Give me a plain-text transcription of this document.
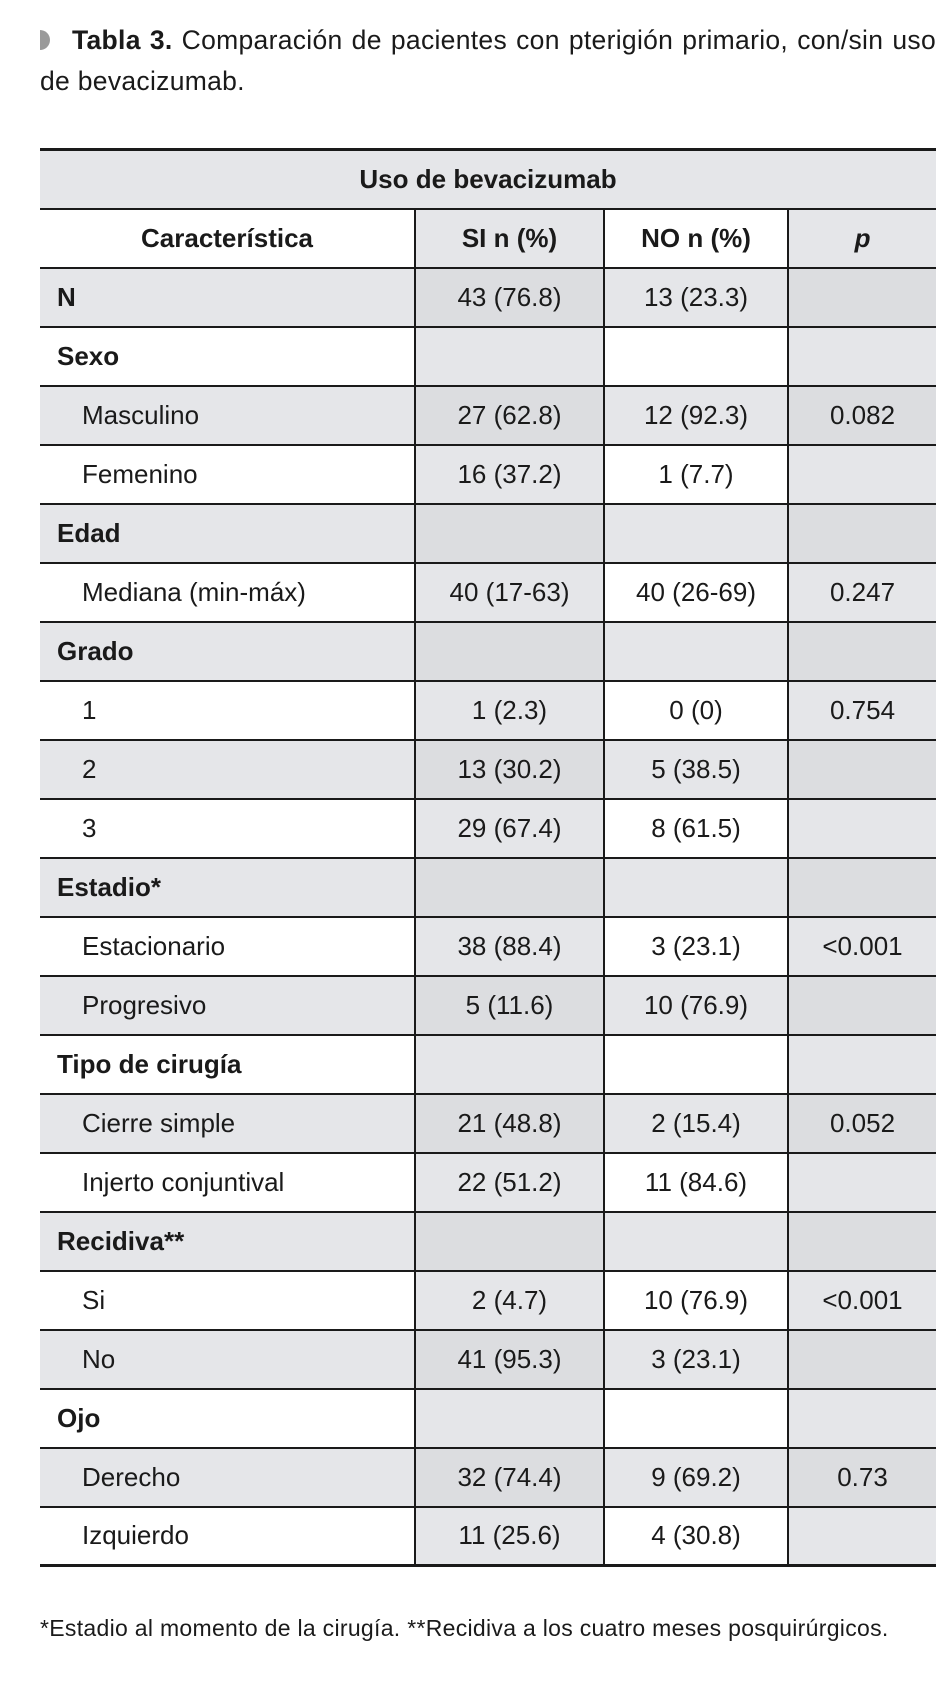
Tabla 3. Comparación de pacientes con pterigión primario, con/sin uso de bevacizumab.
Uso de bevacizumab			
Característica	SI n (%)	NO n (%)	p
N	43 (76.8)	13 (23.3)	
Sexo			
Masculino	27 (62.8)	12 (92.3)	0.082
Femenino	16 (37.2)	1 (7.7)	
Edad			
Mediana (min-máx)	40 (17-63)	40 (26-69)	0.247
Grado			
1	1 (2.3)	0 (0)	0.754
2	13 (30.2)	5 (38.5)	
3	29 (67.4)	8 (61.5)	
Estadio*			
Estacionario	38 (88.4)	3 (23.1)	<0.001
Progresivo	5 (11.6)	10 (76.9)	
Tipo de cirugía			
Cierre simple	21 (48.8)	2 (15.4)	0.052
Injerto conjuntival	22 (51.2)	11 (84.6)	
Recidiva**			
Si	2 (4.7)	10 (76.9)	<0.001
No	41 (95.3)	3 (23.1)	
Ojo			
Derecho	32 (74.4)	9 (69.2)	0.73
Izquierdo	11 (25.6)	4 (30.8)	
*Estadio al momento de la cirugía. **Recidiva a los cuatro meses posquirúrgicos.
